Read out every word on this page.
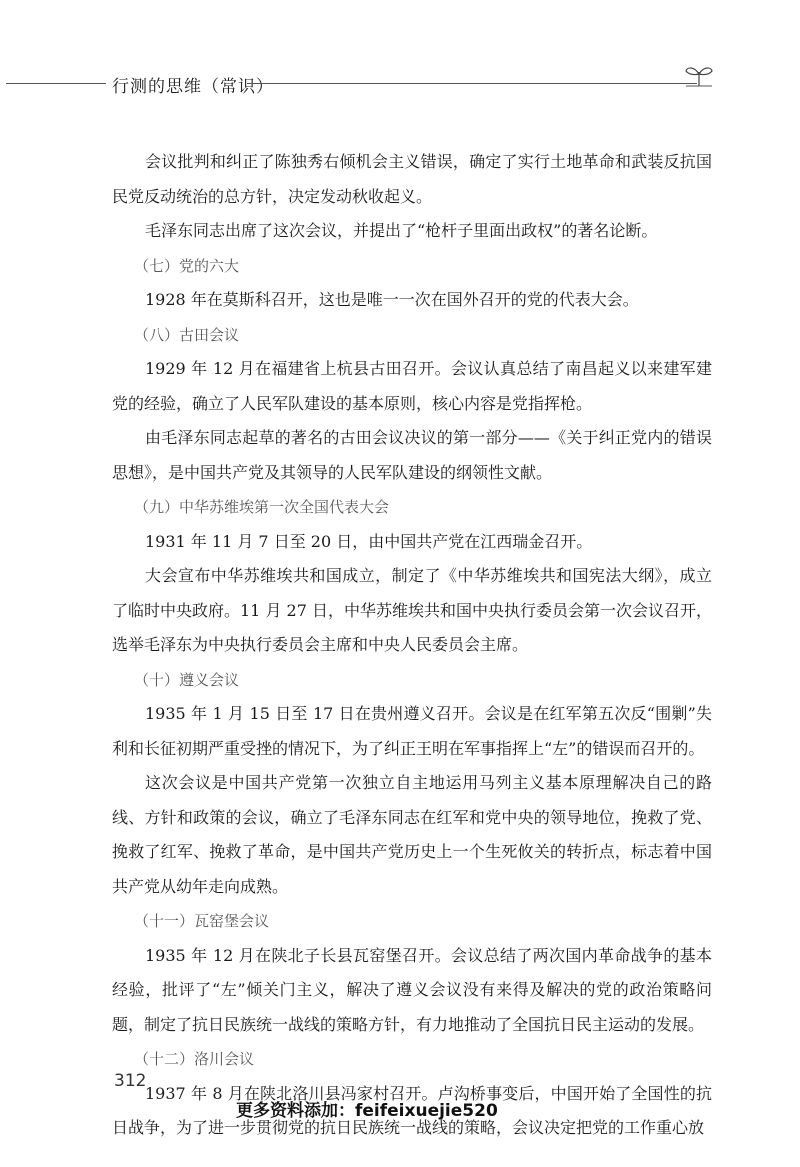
行测的思维（常识）

会议批判和纠正了陈独秀右倾机会主义错误，确定了实行土地革命和武装反抗国民党反动统治的总方针，决定发动秋收起义。

毛泽东同志出席了这次会议，并提出了“枪杆子里面出政权”的著名论断。

（七）党的六大

1928 年在莫斯科召开，这也是唯一一次在国外召开的党的代表大会。

（八）古田会议

1929 年 12 月在福建省上杭县古田召开。会议认真总结了南昌起义以来建军建党的经验，确立了人民军队建设的基本原则，核心内容是党指挥枪。

由毛泽东同志起草的著名的古田会议决议的第一部分——《关于纠正党内的错误思想》，是中国共产党及其领导的人民军队建设的纲领性文献。

（九）中华苏维埃第一次全国代表大会

1931 年 11 月 7 日至 20 日，由中国共产党在江西瑞金召开。

大会宣布中华苏维埃共和国成立，制定了《中华苏维埃共和国宪法大纲》，成立了临时中央政府。11 月 27 日，中华苏维埃共和国中央执行委员会第一次会议召开，选举毛泽东为中央执行委员会主席和中央人民委员会主席。

（十）遵义会议

1935 年 1 月 15 日至 17 日在贵州遵义召开。会议是在红军第五次反“围剿”失利和长征初期严重受挫的情况下，为了纠正王明在军事指挥上“左”的错误而召开的。

这次会议是中国共产党第一次独立自主地运用马列主义基本原理解决自己的路线、方针和政策的会议，确立了毛泽东同志在红军和党中央的领导地位，挽救了党、挽救了红军、挽救了革命，是中国共产党历史上一个生死攸关的转折点，标志着中国共产党从幼年走向成熟。

（十一）瓦窑堡会议

1935 年 12 月在陕北子长县瓦窑堡召开。会议总结了两次国内革命战争的基本经验，批评了“左”倾关门主义，解决了遵义会议没有来得及解决的党的政治策略问题，制定了抗日民族统一战线的策略方针，有力地推动了全国抗日民主运动的发展。

（十二）洛川会议

1937 年 8 月在陕北洛川县冯家村召开。卢沟桥事变后，中国开始了全国性的抗日战争，为了进一步贯彻党的抗日民族统一战线的策略，会议决定把党的工作重心放

312
更多资料添加：feifeixuejie520
